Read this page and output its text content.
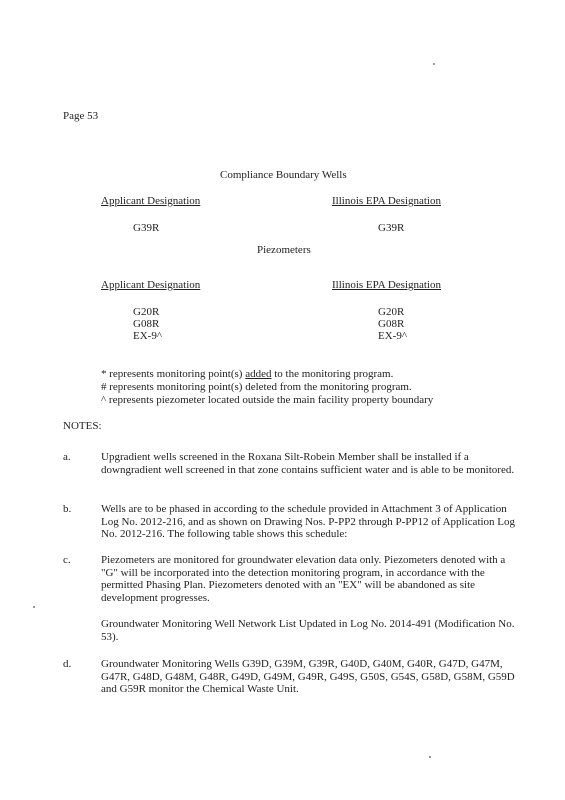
Page 53
Compliance Boundary Wells
Applicant Designation	Illinois EPA Designation
G39R	G39R
Piezometers
Applicant Designation	Illinois EPA Designation
G20R	G20R
G08R	G08R
EX-9^	EX-9^
* represents monitoring point(s) added to the monitoring program.
# represents monitoring point(s) deleted from the monitoring program.
^ represents piezometer located outside the main facility property boundary
NOTES:
a.	Upgradient wells screened in the Roxana Silt-Robein Member shall be installed if a downgradient well screened in that zone contains sufficient water and is able to be monitored.
b.	Wells are to be phased in according to the schedule provided in Attachment 3 of Application Log No. 2012-216, and as shown on Drawing Nos. P-PP2 through P-PP12 of Application Log No. 2012-216. The following table shows this schedule:
c.	Piezometers are monitored for groundwater elevation data only. Piezometers denoted with a "G" will be incorporated into the detection monitoring program, in accordance with the permitted Phasing Plan. Piezometers denoted with an "EX" will be abandoned as site development progresses.
Groundwater Monitoring Well Network List Updated in Log No. 2014-491 (Modification No. 53).
d.	Groundwater Monitoring Wells G39D, G39M, G39R, G40D, G40M, G40R, G47D, G47M, G47R, G48D, G48M, G48R, G49D, G49M, G49R, G49S, G50S, G54S, G58D, G58M, G59D and G59R monitor the Chemical Waste Unit.
